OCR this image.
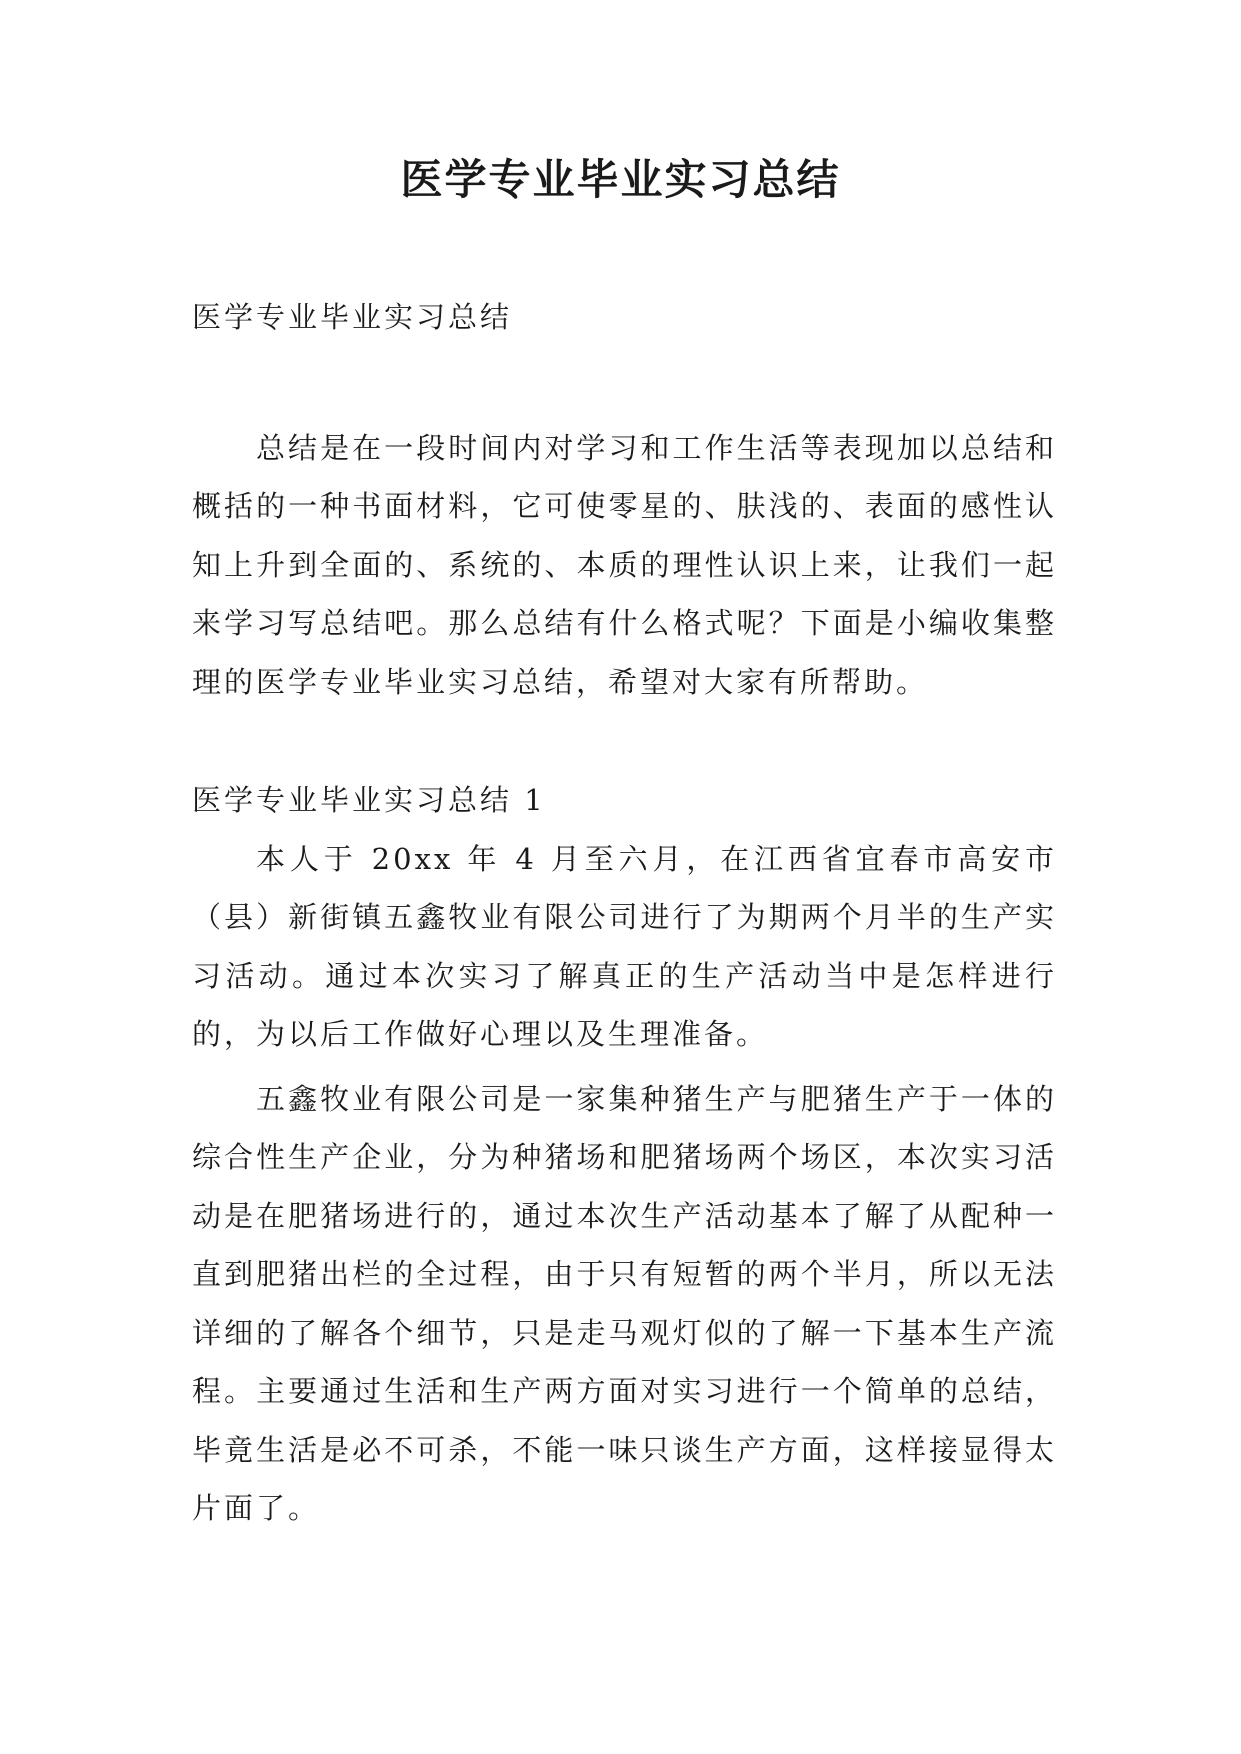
医学专业毕业实习总结

医学专业毕业实习总结

总结是在一段时间内对学习和工作生活等表现加以总结和概括的一种书面材料，它可使零星的、肤浅的、表面的感性认知上升到全面的、系统的、本质的理性认识上来，让我们一起来学习写总结吧。那么总结有什么格式呢？下面是小编收集整理的医学专业毕业实习总结，希望对大家有所帮助。

医学专业毕业实习总结 1

本人于 20xx 年 4 月至六月，在江西省宜春市高安市（县）新街镇五鑫牧业有限公司进行了为期两个月半的生产实习活动。通过本次实习了解真正的生产活动当中是怎样进行的，为以后工作做好心理以及生理准备。

五鑫牧业有限公司是一家集种猪生产与肥猪生产于一体的综合性生产企业，分为种猪场和肥猪场两个场区，本次实习活动是在肥猪场进行的，通过本次生产活动基本了解了从配种一直到肥猪出栏的全过程，由于只有短暂的两个半月，所以无法详细的了解各个细节，只是走马观灯似的了解一下基本生产流程。主要通过生活和生产两方面对实习进行一个简单的总结，毕竟生活是必不可杀，不能一味只谈生产方面，这样接显得太片面了。
